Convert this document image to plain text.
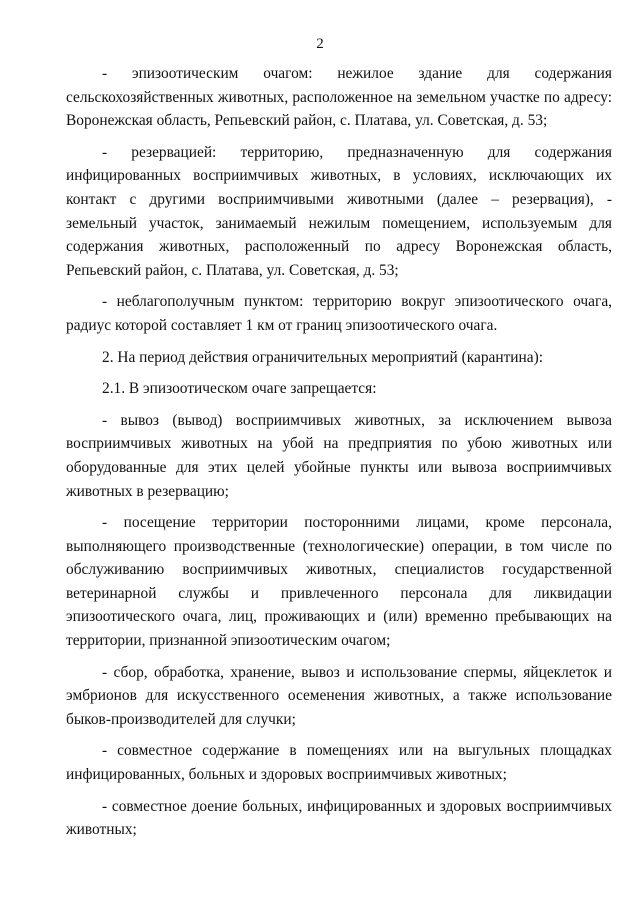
2

- эпизоотическим очагом: нежилое здание для содержания сельскохозяйственных животных, расположенное на земельном участке по адресу: Воронежская область, Репьевский район, с. Платава, ул. Советская, д. 53;

- резервацией: территорию, предназначенную для содержания инфицированных восприимчивых животных, в условиях, исключающих их контакт с другими восприимчивыми животными (далее – резервация), - земельный участок, занимаемый нежилым помещением, используемым для содержания животных, расположенный по адресу Воронежская область, Репьевский район, с. Платава, ул. Советская, д. 53;

- неблагополучным пунктом: территорию вокруг эпизоотического очага, радиус которой составляет 1 км от границ эпизоотического очага.

2. На период действия ограничительных мероприятий (карантина):

2.1. В эпизоотическом очаге запрещается:

- вывоз (вывод) восприимчивых животных, за исключением вывоза восприимчивых животных на убой на предприятия по убою животных или оборудованные для этих целей убойные пункты или вывоза восприимчивых животных в резервацию;

- посещение территории посторонними лицами, кроме персонала, выполняющего производственные (технологические) операции, в том числе по обслуживанию восприимчивых животных, специалистов государственной ветеринарной службы и привлеченного персонала для ликвидации эпизоотического очага, лиц, проживающих и (или) временно пребывающих на территории, признанной эпизоотическим очагом;

- сбор, обработка, хранение, вывоз и использование спермы, яйцеклеток и эмбрионов для искусственного осеменения животных, а также использование быков-производителей для случки;

- совместное содержание в помещениях или на выгульных площадках инфицированных, больных и здоровых восприимчивых животных;

- совместное доение больных, инфицированных и здоровых восприимчивых животных;
